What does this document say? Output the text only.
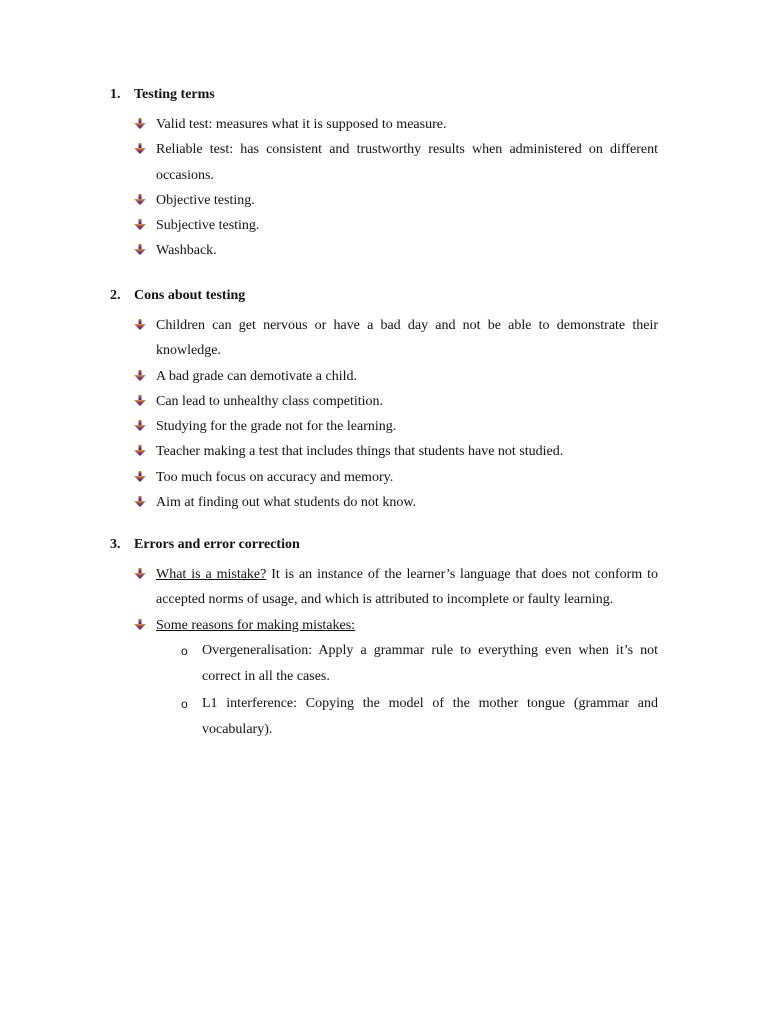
1. Testing terms
Valid test: measures what it is supposed to measure.
Reliable test: has consistent and trustworthy results when administered on different occasions.
Objective testing.
Subjective testing.
Washback.
2. Cons about testing
Children can get nervous or have a bad day and not be able to demonstrate their knowledge.
A bad grade can demotivate a child.
Can lead to unhealthy class competition.
Studying for the grade not for the learning.
Teacher making a test that includes things that students have not studied.
Too much focus on accuracy and memory.
Aim at finding out what students do not know.
3. Errors and error correction
What is a mistake? It is an instance of the learner’s language that does not conform to accepted norms of usage, and which is attributed to incomplete or faulty learning.
Some reasons for making mistakes:
o Overgeneralisation: Apply a grammar rule to everything even when it’s not correct in all the cases.
o L1 interference: Copying the model of the mother tongue (grammar and vocabulary).
